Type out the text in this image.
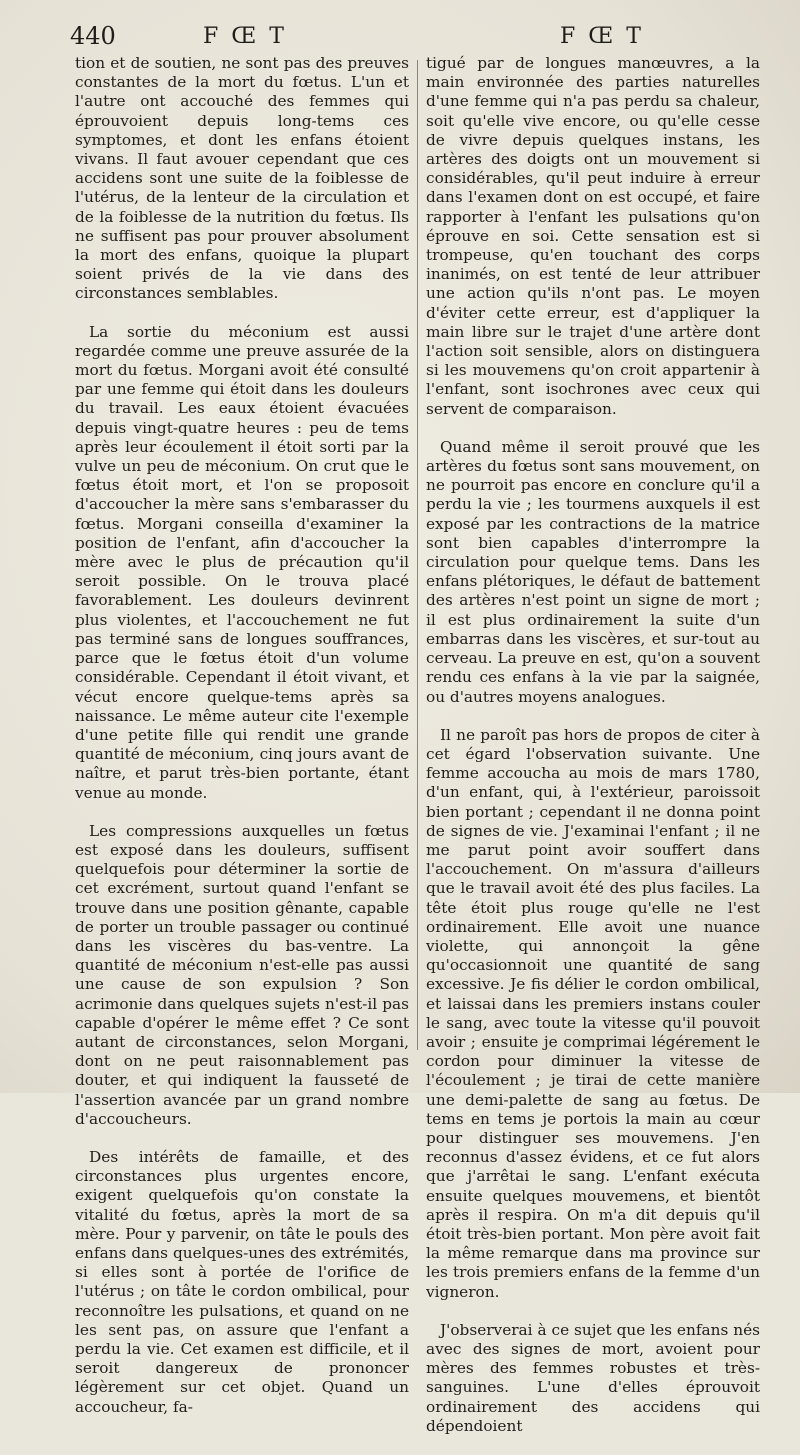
440	F Œ T	F Œ T

tion et de soutien, ne sont pas des preuves constantes de la mort du fœtus. L'un et l'autre ont accouché des femmes qui éprouvoient depuis long-tems ces symptomes, et dont les enfans étoient vivans. Il faut avouer cependant que ces accidens sont une suite de la foiblesse de l'utérus, de la lenteur de la circulation et de la foiblesse de la nutrition du fœtus. Ils ne suffisent pas pour prouver absolument la mort des enfans, quoique la plupart soient privés de la vie dans des circonstances semblables.

La sortie du méconium est aussi regardée comme une preuve assurée de la mort du fœtus. Morgani avoit été consulté par une femme qui étoit dans les douleurs du travail. Les eaux étoient évacuées depuis vingt-quatre heures : peu de tems après leur écoulement il étoit sorti par la vulve un peu de méconium. On crut que le fœtus étoit mort, et l'on se proposoit d'accoucher la mère sans s'embarasser du fœtus. Morgani conseilla d'examiner la position de l'enfant, afin d'accoucher la mère avec le plus de précaution qu'il seroit possible. On le trouva placé favorablement. Les douleurs devinrent plus violentes, et l'accouchement ne fut pas terminé sans de longues souffrances, parce que le fœtus étoit d'un volume considérable. Cependant il étoit vivant, et vécut encore quelque-tems après sa naissance. Le même auteur cite l'exemple d'une petite fille qui rendit une grande quantité de méconium, cinq jours avant de naître, et parut très-bien portante, étant venue au monde.

Les compressions auxquelles un fœtus est exposé dans les douleurs, suffisent quelquefois pour déterminer la sortie de cet excrément, surtout quand l'enfant se trouve dans une position gênante, capable de porter un trouble passager ou continué dans les viscères du bas-ventre. La quantité de méconium n'est-elle pas aussi une cause de son expulsion ? Son acrimonie dans quelques sujets n'est-il pas capable d'opérer le même effet ? Ce sont autant de circonstances, selon Morgani, dont on ne peut raisonnablement pas douter, et qui indiquent la fausseté de l'assertion avancée par un grand nombre d'accoucheurs.

Des intérêts de famaille, et des circonstances plus urgentes encore, exigent quelquefois qu'on constate la vitalité du fœtus, après la mort de sa mère. Pour y parvenir, on tâte le pouls des enfans dans quelques-unes des extrémités, si elles sont à portée de l'orifice de l'utérus ; on tâte le cordon ombilical, pour reconnoître les pulsations, et quand on ne les sent pas, on assure que l'enfant a perdu la vie. Cet examen est difficile, et il seroit dangereux de prononcer légèrement sur cet objet. Quand un accoucheur, fa-

tigué par de longues manœuvres, a la main environnée des parties naturelles d'une femme qui n'a pas perdu sa chaleur, soit qu'elle vive encore, ou qu'elle cesse de vivre depuis quelques instans, les artères des doigts ont un mouvement si considérables, qu'il peut induire à erreur dans l'examen dont on est occupé, et faire rapporter à l'enfant les pulsations qu'on éprouve en soi. Cette sensation est si trompeuse, qu'en touchant des corps inanimés, on est tenté de leur attribuer une action qu'ils n'ont pas. Le moyen d'éviter cette erreur, est d'appliquer la main libre sur le trajet d'une artère dont l'action soit sensible, alors on distinguera si les mouvemens qu'on croit appartenir à l'enfant, sont isochrones avec ceux qui servent de comparaison.

Quand même il seroit prouvé que les artères du fœtus sont sans mouvement, on ne pourroit pas encore en conclure qu'il a perdu la vie ; les tourmens auxquels il est exposé par les contractions de la matrice sont bien capables d'interrompre la circulation pour quelque tems. Dans les enfans plétoriques, le défaut de battement des artères n'est point un signe de mort ; il est plus ordinairement la suite d'un embarras dans les viscères, et sur-tout au cerveau. La preuve en est, qu'on a souvent rendu ces enfans à la vie par la saignée, ou d'autres moyens analogues.

Il ne paroît pas hors de propos de citer à cet égard l'observation suivante. Une femme accoucha au mois de mars 1780, d'un enfant, qui, à l'extérieur, paroissoit bien portant ; cependant il ne donna point de signes de vie. J'examinai l'enfant ; il ne me parut point avoir souffert dans l'accouchement. On m'assura d'ailleurs que le travail avoit été des plus faciles. La tête étoit plus rouge qu'elle ne l'est ordinairement. Elle avoit une nuance violette, qui annonçoit la gêne qu'occasionnoit une quantité de sang excessive. Je fis délier le cordon ombilical, et laissai dans les premiers instans couler le sang, avec toute la vitesse qu'il pouvoit avoir ; ensuite je comprimai légérement le cordon pour diminuer la vitesse de l'écoulement ; je tirai de cette manière une demi-palette de sang au fœtus. De tems en tems je portois la main au cœur pour distinguer ses mouvemens. J'en reconnus d'assez évidens, et ce fut alors que j'arrêtai le sang. L'enfant exécuta ensuite quelques mouvemens, et bientôt après il respira. On m'a dit depuis qu'il étoit très-bien portant. Mon père avoit fait la même remarque dans ma province sur les trois premiers enfans de la femme d'un vigneron.

J'observerai à ce sujet que les enfans nés avec des signes de mort, avoient pour mères des femmes robustes et très-sanguines. L'une d'elles éprouvoit ordinairement des accidens qui dépendoient
